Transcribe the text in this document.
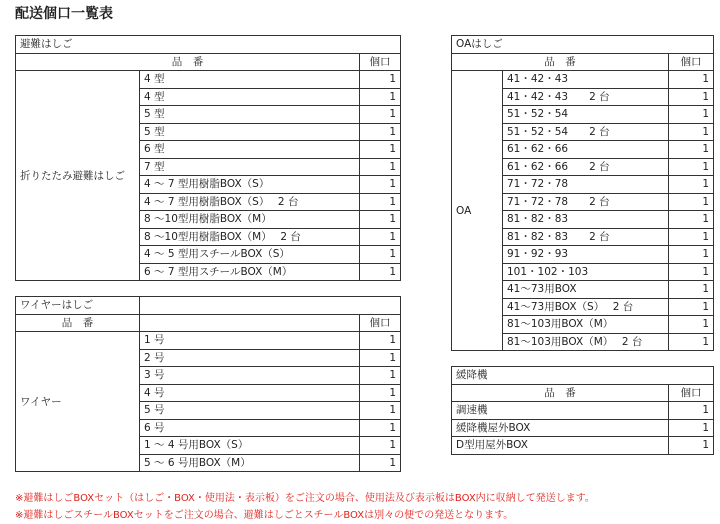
配送個口一覧表
避難はしご		
品　番		個口
折りたたみ避難はしご	4 型	1
	4 型	1
	5 型	1
	5 型	1
	6 型	1
	7 型	1
	4 ～ 7 型用樹脂BOX（S）	1
	4 ～ 7 型用樹脂BOX（S）　 2 台	1
	8 ～10型用樹脂BOX（M）	1
	8 ～10型用樹脂BOX（M）　 2 台	1
	4 ～ 5 型用スチールBOX（S）	1
	6 ～ 7 型用スチールBOX（M）	1
ワイヤーはしご		
品　番		個口
ワイヤー	1 号	1
	2 号	1
	3 号	1
	4 号	1
	5 号	1
	6 号	1
	1 ～ 4 号用BOX（S）	1
	5 ～ 6 号用BOX（M）	1
OAはしご		
品　番		個口
OA	41・42・43	1
	41・42・43　　2 台	1
	51・52・54	1
	51・52・54　　2 台	1
	61・62・66	1
	61・62・66　　2 台	1
	71・72・78	1
	71・72・78　　2 台	1
	81・82・83	1
	81・82・83　　2 台	1
	91・92・93	1
	101・102・103	1
	41～73用BOX	1
	41～73用BOX（S）　 2 台	1
	81～103用BOX（M）	1
	81～103用BOX（M）　 2 台	1
緩降機	
品　番	個口
調速機	1
緩降機屋外BOX	1
D型用屋外BOX	1
※避難はしごBOXセット（はしご・BOX・使用法・表示板）をご注文の場合、使用法及び表示板はBOX内に収納して発送します。
※避難はしごスチールBOXセットをご注文の場合、避難はしごとスチールBOXは別々の便での発送となります。
